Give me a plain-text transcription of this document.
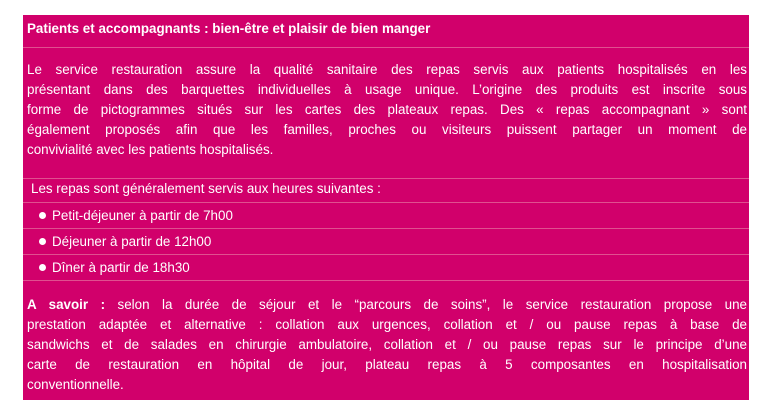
Patients et accompagnants : bien-être et plaisir de bien manger
Le service restauration assure la qualité sanitaire des repas servis aux patients hospitalisés en les
présentant dans des barquettes individuelles à usage unique. L’origine des produits est inscrite sous
forme de pictogrammes situés sur les cartes des plateaux repas. Des « repas accompagnant » sont
également proposés afin que les familles, proches ou visiteurs puissent partager un moment de
convivialité avec les patients hospitalisés.
Les repas sont généralement servis aux heures suivantes :
Petit-déjeuner à partir de 7h00
Déjeuner à partir de 12h00
Dîner à partir de 18h30
A savoir : selon la durée de séjour et le “parcours de soins”, le service restauration propose une
prestation adaptée et alternative : collation aux urgences, collation et / ou pause repas à base de
sandwichs et de salades en chirurgie ambulatoire, collation et / ou pause repas sur le principe d’une
carte de restauration en hôpital de jour, plateau repas à 5 composantes en hospitalisation
conventionnelle.
